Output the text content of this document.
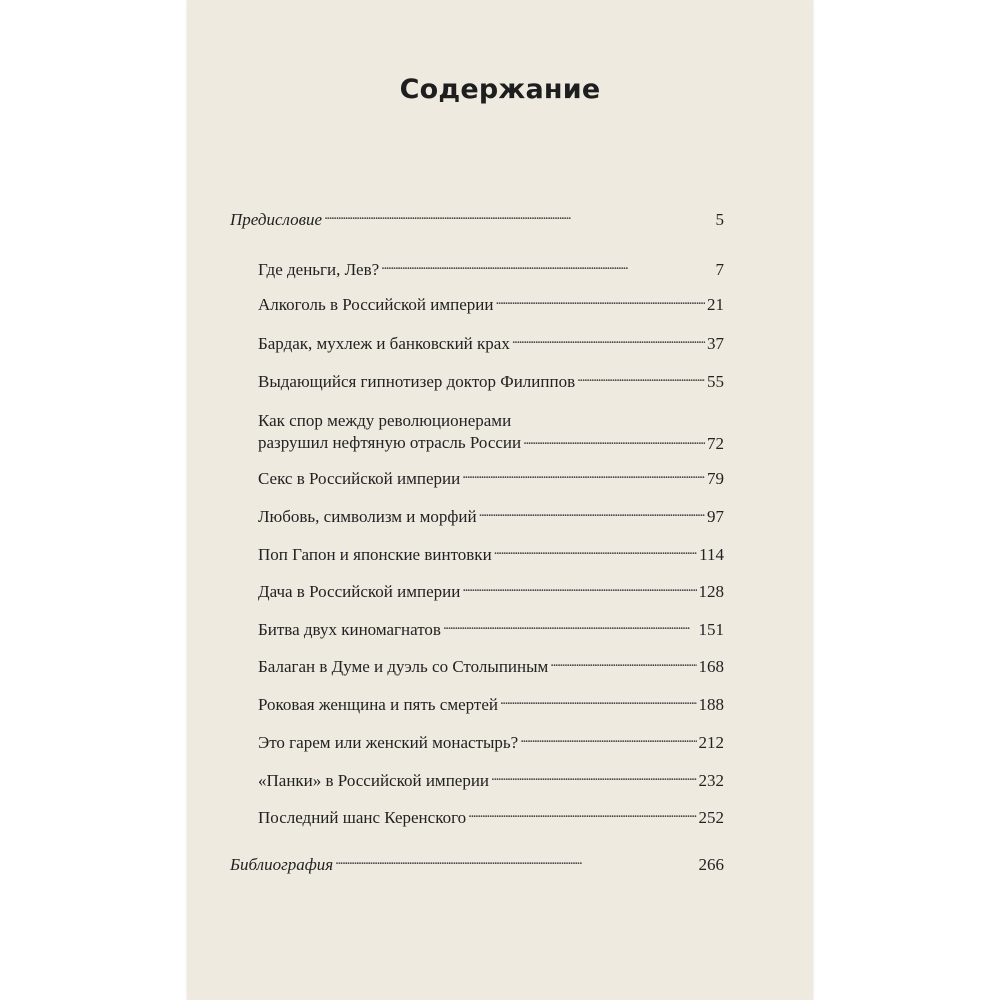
Содержание
Предисловие . . .	5
Где деньги, Лев? . . .	7
Алкоголь в Российской империи . . .	21
Бардак, мухлеж и банковский крах . . .	37
Выдающийся гипнотизер доктор Филиппов . . .	55
Как спор между революционерами
разрушил нефтяную отрасль России . . .	72
Секс в Российской империи . . .	79
Любовь, символизм и морфий . . .	97
Поп Гапон и японские винтовки . . .	114
Дача в Российской империи . . .	128
Битва двух киномагнатов . . .	151
Балаган в Думе и дуэль со Столыпиным . . .	168
Роковая женщина и пять смертей . . .	188
Это гарем или женский монастырь? . . .	212
«Панки» в Российской империи . . .	232
Последний шанс Керенского . . .	252
Библиография . . .	266
